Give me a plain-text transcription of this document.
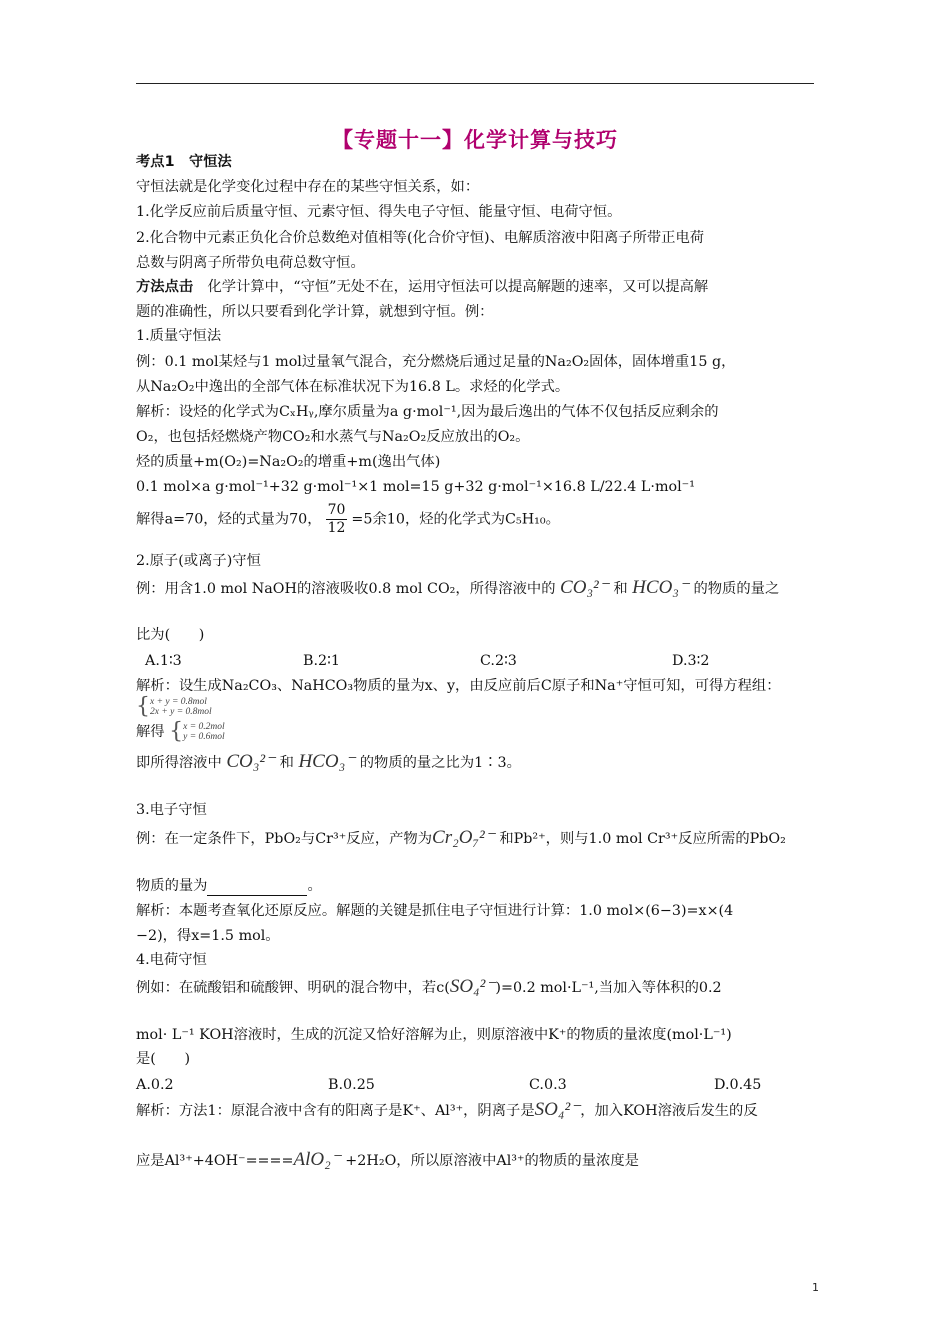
【专题十一】化学计算与技巧
考点1　守恒法
守恒法就是化学变化过程中存在的某些守恒关系，如：
1.化学反应前后质量守恒、元素守恒、得失电子守恒、能量守恒、电荷守恒。
2.化合物中元素正负化合价总数绝对值相等(化合价守恒)、电解质溶液中阳离子所带正电荷
总数与阴离子所带负电荷总数守恒。
方法点击　化学计算中，“守恒”无处不在，运用守恒法可以提高解题的速率，又可以提高解
题的准确性，所以只要看到化学计算，就想到守恒。例：
1.质量守恒法
例：0.1 mol某烃与1 mol过量氧气混合，充分燃烧后通过足量的Na₂O₂固体，固体增重15 g，
从Na₂O₂中逸出的全部气体在标准状况下为16.8 L。求烃的化学式。
解析：设烃的化学式为CₓHᵧ,摩尔质量为a g·mol⁻¹,因为最后逸出的气体不仅包括反应剩余的
O₂，也包括烃燃烧产物CO₂和水蒸气与Na₂O₂反应放出的O₂。
烃的质量+m(O₂)=Na₂O₂的增重+m(逸出气体)
0.1 mol×a g·mol⁻¹+32 g·mol⁻¹×1 mol=15 g+32 g·mol⁻¹×16.8 L/22.4 L·mol⁻¹
解得a=70，烃的式量为70， $\frac{70}{12} =5$余10，烃的化学式为C₅H₁₀。
2.原子(或离子)守恒
例：用含1.0 mol NaOH的溶液吸收0.8 mol CO₂，所得溶液中的 CO₃²⁻ 和 HCO₃⁻ 的物质的量之
比为(　　)
A.1∶3	B.2∶1	C.2∶3	D.3∶2
解析：设生成Na₂CO₃、NaHCO₃物质的量为x、y，由反应前后C原子和Na⁺守恒可知，可得方程组：
{ x + y = 0.8mol
2x + y = 0.8mol
解得 { x = 0.2mol
y = 0.6mol
即所得溶液中 CO₃²⁻ 和 HCO₃⁻ 的物质的量之比为1∶3。
3.电子守恒
例：在一定条件下，PbO₂与Cr³⁺反应，产物为Cr₂O₇²⁻ 和Pb²⁺，则与1.0 mol Cr³⁺反应所需的PbO₂
物质的量为	。
解析：本题考查氧化还原反应。解题的关键是抓住电子守恒进行计算：1.0 mol×(6−3)=x×(4
−2)，得x=1.5 mol。
4.电荷守恒
例如：在硫酸铝和硫酸钾、明矾的混合物中，若c(SO₄²⁻)=0.2 mol·L⁻¹,当加入等体积的0.2
mol· L⁻¹ KOH溶液时，生成的沉淀又恰好溶解为止，则原溶液中K⁺的物质的量浓度(mol·L⁻¹)
是(　　)
A.0.2	B.0.25	C.0.3	D.0.45
解析：方法1：原混合液中含有的阳离子是K⁺、Al³⁺，阴离子是SO₄²⁻，加入KOH溶液后发生的反
应是Al³⁺+4OH⁻====AlO₂⁻ +2H₂O，所以原溶液中Al³⁺的物质的量浓度是
1
